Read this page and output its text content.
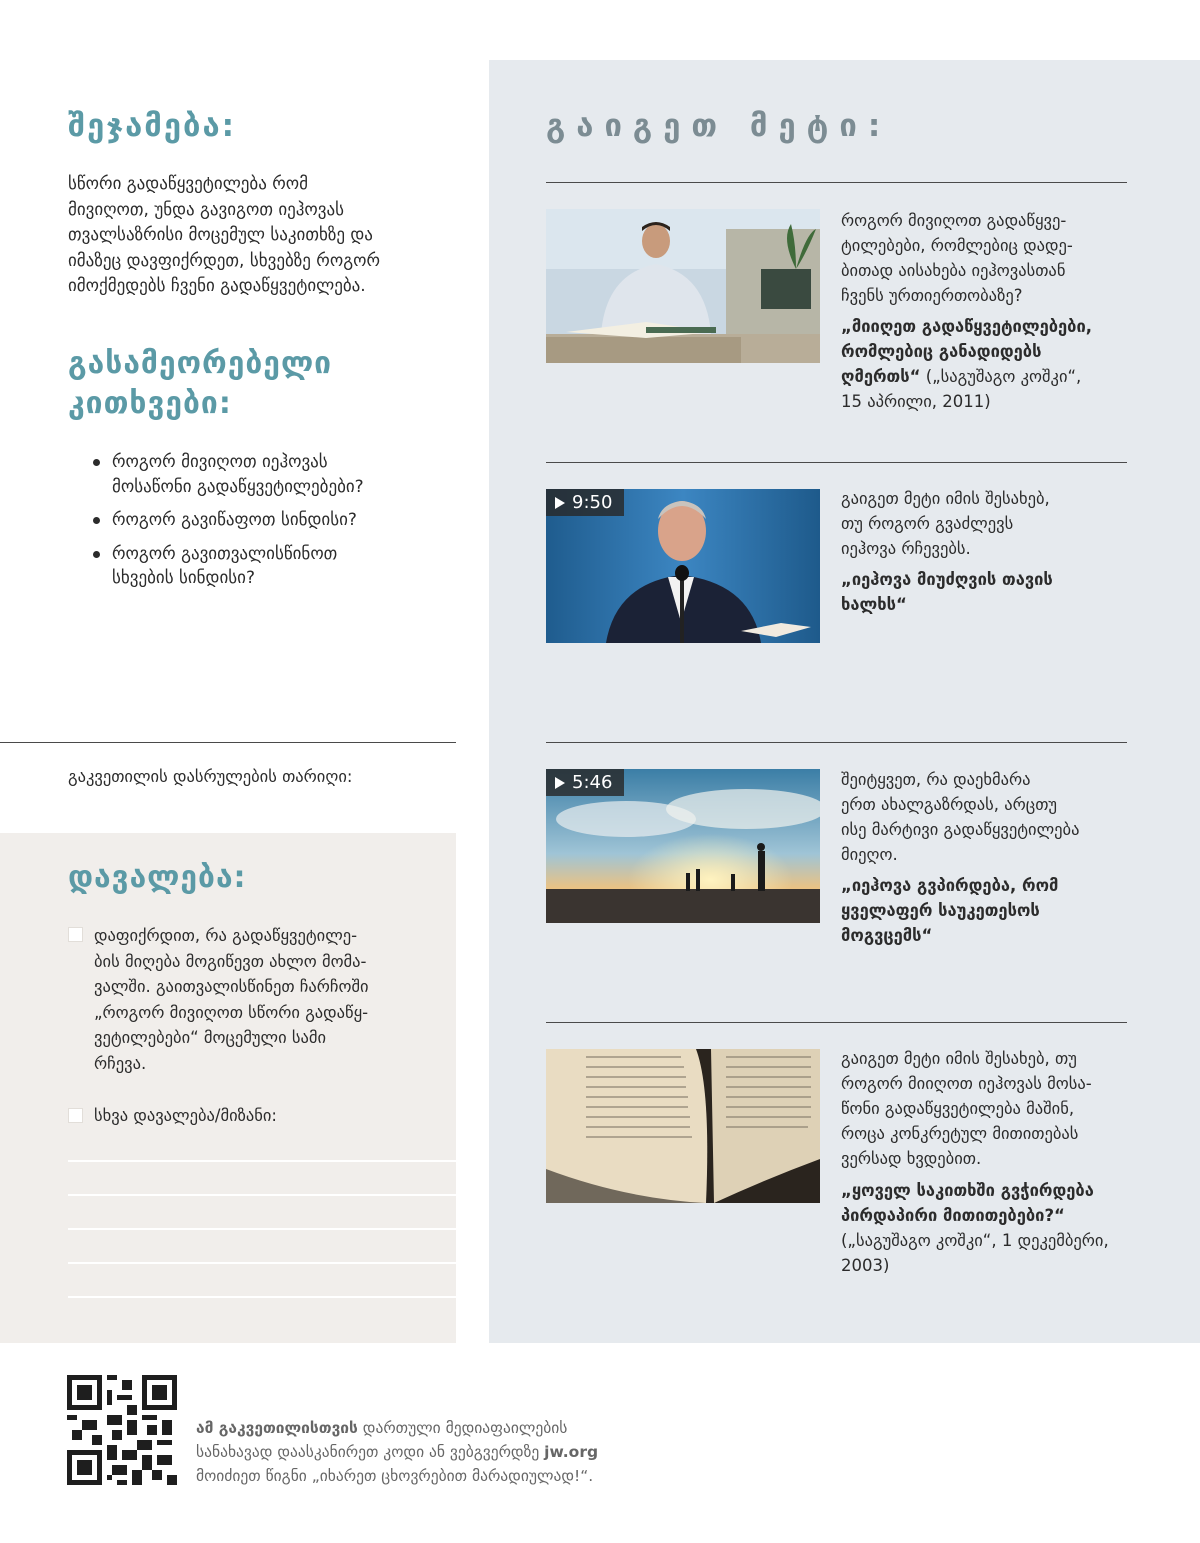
შეჯამება:

სწორი გადაწყვეტილება რომ
მივიღოთ, უნდა გავიგოთ იეჰოვას
თვალსაზრისი მოცემულ საკითხზე და
იმაზეც დავფიქრდეთ, სხვებზე როგორ
იმოქმედებს ჩვენი გადაწყვეტილება.

გასამეორებელი
კითხვები:
როგორ მივიღოთ იეჰოვას
მოსაწონი გადაწყვეტილებები?
როგორ გავიწაფოთ სინდისი?
როგორ გავითვალისწინოთ
სხვების სინდისი?

გაკვეთილის დასრულების თარიღი:

დავალება:

დაფიქრდით, რა გადაწყვეტილე-
ბის მიღება მოგიწევთ ახლო მომა-
ვალში. გაითვალისწინეთ ჩარჩოში
„როგორ მივიღოთ სწორი გადაწყ-
ვეტილებები“ მოცემული სამი
რჩევა.

სხვა დავალება/მიზანი:

გაიგეთ მეტი:

როგორ მივიღოთ გადაწყვე-
ტილებები, რომლებიც დადე-
ბითად აისახება იეჰოვასთან
ჩვენს ურთიერთობაზე?

„მიიღეთ გადაწყვეტილებები,
რომლებიც განადიდებს
ღმერთს“ („საგუშაგო კოშკი“,
15 აპრილი, 2011)

9:50	გაიგეთ მეტი იმის შესახებ,
თუ როგორ გვაძლევს
იეჰოვა რჩევებს.

„იეჰოვა მიუძღვის თავის
ხალხს“

5:46	შეიტყვეთ, რა დაეხმარა
ერთ ახალგაზრდას, არცთუ
ისე მარტივი გადაწყვეტილება
მიეღო.

„იეჰოვა გვპირდება, რომ
ყველაფერ საუკეთესოს
მოგვცემს“

გაიგეთ მეტი იმის შესახებ, თუ
როგორ მიიღოთ იეჰოვას მოსა-
წონი გადაწყვეტილება მაშინ,
როცა კონკრეტულ მითითებას
ვერსად ხვდებით.

„ყოველ საკითხში გვჭირდება
პირდაპირი მითითებები?“
(„საგუშაგო კოშკი“, 1 დეკემბერი,
2003)

ამ გაკვეთილისთვის დართული მედიაფაილების
სანახავად დაასკანირეთ კოდი ან ვებგვერდზე jw.org
მოიძიეთ წიგნი „იხარეთ ცხოვრებით მარადიულად!“.
